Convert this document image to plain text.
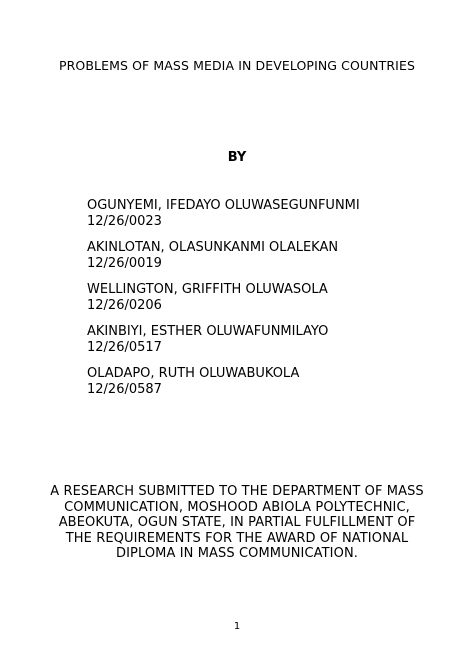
PROBLEMS OF MASS MEDIA IN DEVELOPING COUNTRIES
BY
OGUNYEMI, IFEDAYO OLUWASEGUNFUNMI
12/26/0023
AKINLOTAN, OLASUNKANMI OLALEKAN
12/26/0019
WELLINGTON, GRIFFITH OLUWASOLA
12/26/0206
AKINBIYI, ESTHER OLUWAFUNMILAYO
12/26/0517
OLADAPO, RUTH OLUWABUKOLA
12/26/0587
A RESEARCH SUBMITTED TO THE DEPARTMENT OF MASS COMMUNICATION, MOSHOOD ABIOLA POLYTECHNIC, ABEOKUTA, OGUN STATE, IN PARTIAL FULFILLMENT OF THE REQUIREMENTS FOR THE AWARD OF NATIONAL DIPLOMA IN MASS COMMUNICATION.
1
